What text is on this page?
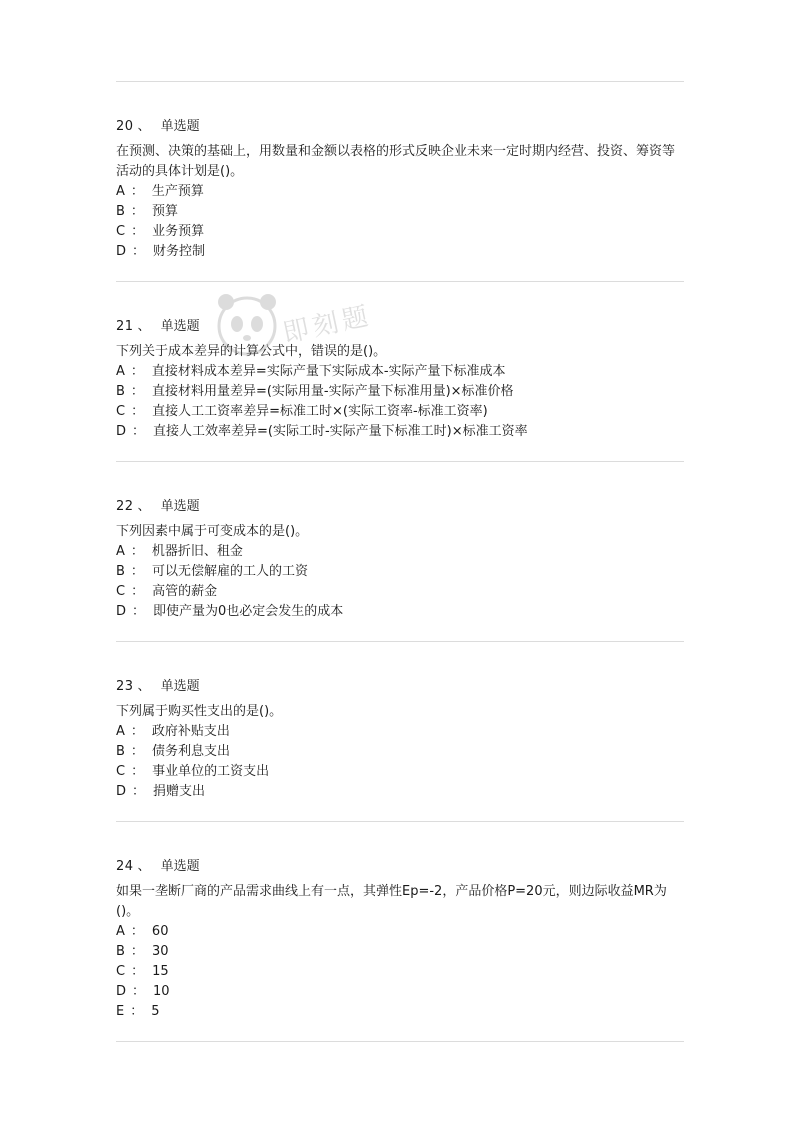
20 、 单选题
在预测、决策的基础上，用数量和金额以表格的形式反映企业未来一定时期内经营、投资、筹资等活动的具体计划是()。
A ： 生产预算
B ： 预算
C ： 业务预算
D ： 财务控制
21 、 单选题
下列关于成本差异的计算公式中，错误的是()。
A ： 直接材料成本差异=实际产量下实际成本-实际产量下标准成本
B ： 直接材料用量差异=(实际用量-实际产量下标准用量)×标准价格
C ： 直接人工工资率差异=标准工时×(实际工资率-标准工资率)
D ： 直接人工效率差异=(实际工时-实际产量下标准工时)×标准工资率
22 、 单选题
下列因素中属于可变成本的是()。
A ： 机器折旧、租金
B ： 可以无偿解雇的工人的工资
C ： 高管的薪金
D ： 即使产量为0也必定会发生的成本
23 、 单选题
下列属于购买性支出的是()。
A ： 政府补贴支出
B ： 债务利息支出
C ： 事业单位的工资支出
D ： 捐赠支出
24 、 单选题
如果一垄断厂商的产品需求曲线上有一点，其弹性Ep=-2，产品价格P=20元，则边际收益MR为()。
A ： 60
B ： 30
C ： 15
D ： 10
E ： 5
即刻题
